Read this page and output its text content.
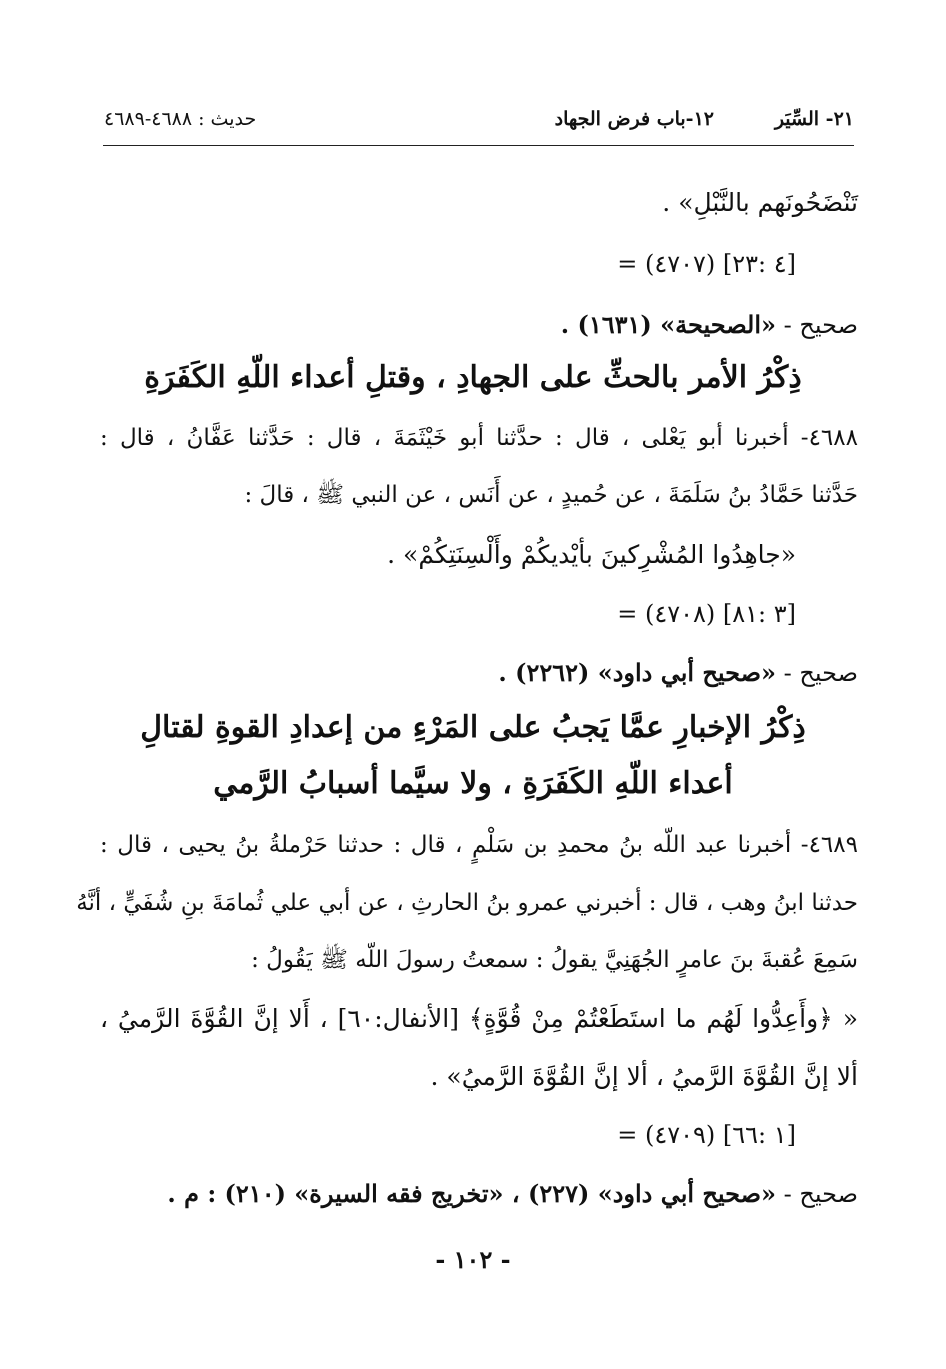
٢١- السِّيَر
١٢-باب فرض الجهاد
حديث : ٤٦٨٨-٤٦٨٩
تَنْضَحُونَهم بالنَّبْلِ» .
= (٤٧٠٧) [٤ :٢٣]
صحيح - «الصحيحة» (١٦٣١) .
ذِكْرُ الأمر بالحثِّ على الجهادِ ، وقتلِ أعداء اللّهِ الكَفَرَةِ
٤٦٨٨- أخبرنا أبو يَعْلى ، قال : حدَّثنا أبو خَيْثَمَةَ ، قال : حَدَّثنا عَفَّانُ ، قال :
حَدَّثنا حَمَّادُ بنُ سَلَمَةَ ، عن حُميدٍ ، عن أَنَس ، عن النبي ﷺ ، قالَ :
«جاهِدُوا المُشْرِكينَ بأيْديكُمْ وأَلْسِنَتِكُمْ» .
= (٤٧٠٨) [٣ :٨١]
صحيح - «صحيح أبي داود» (٢٢٦٢) .
ذِكْرُ الإخبارِ عمَّا يَجبُ على المَرْءِ من إعدادِ القوةِ لقتالِ
أعداء اللّهِ الكَفَرَةِ ، ولا سيَّما أسبابُ الرَّمي
٤٦٨٩- أخبرنا عبد اللّه بنُ محمدِ بن سَلْمٍ ، قال : حدثنا حَرْملةُ بنُ يحيى ، قال :
حدثنا ابنُ وهب ، قال : أخبرني عمرو بنُ الحارثِ ، عن أبي علي ثُمامَةَ بنِ شُفَيٍّ ، أنَّهُ
سَمِعَ عُقبةَ بنَ عامرٍ الجُهَنِيَّ يقولُ : سمعتُ رسولَ اللّه ﷺ يَقُولُ :
« ﴿وأَعِدُّوا لَهُم ما استَطَعْتُمْ مِنْ قُوَّةٍ﴾ [الأنفال:٦٠] ، أَلا إنَّ القُوَّةَ الرَّميُ ،
ألا إنَّ القُوَّةَ الرَّميُ ، ألا إنَّ القُوَّةَ الرَّميُ» .
= (٤٧٠٩) [١ :٦٦]
صحيح - «صحيح أبي داود» (٢٢٧) ، «تخريج فقه السيرة» (٢١٠) : م .
- ١٠٢ -
